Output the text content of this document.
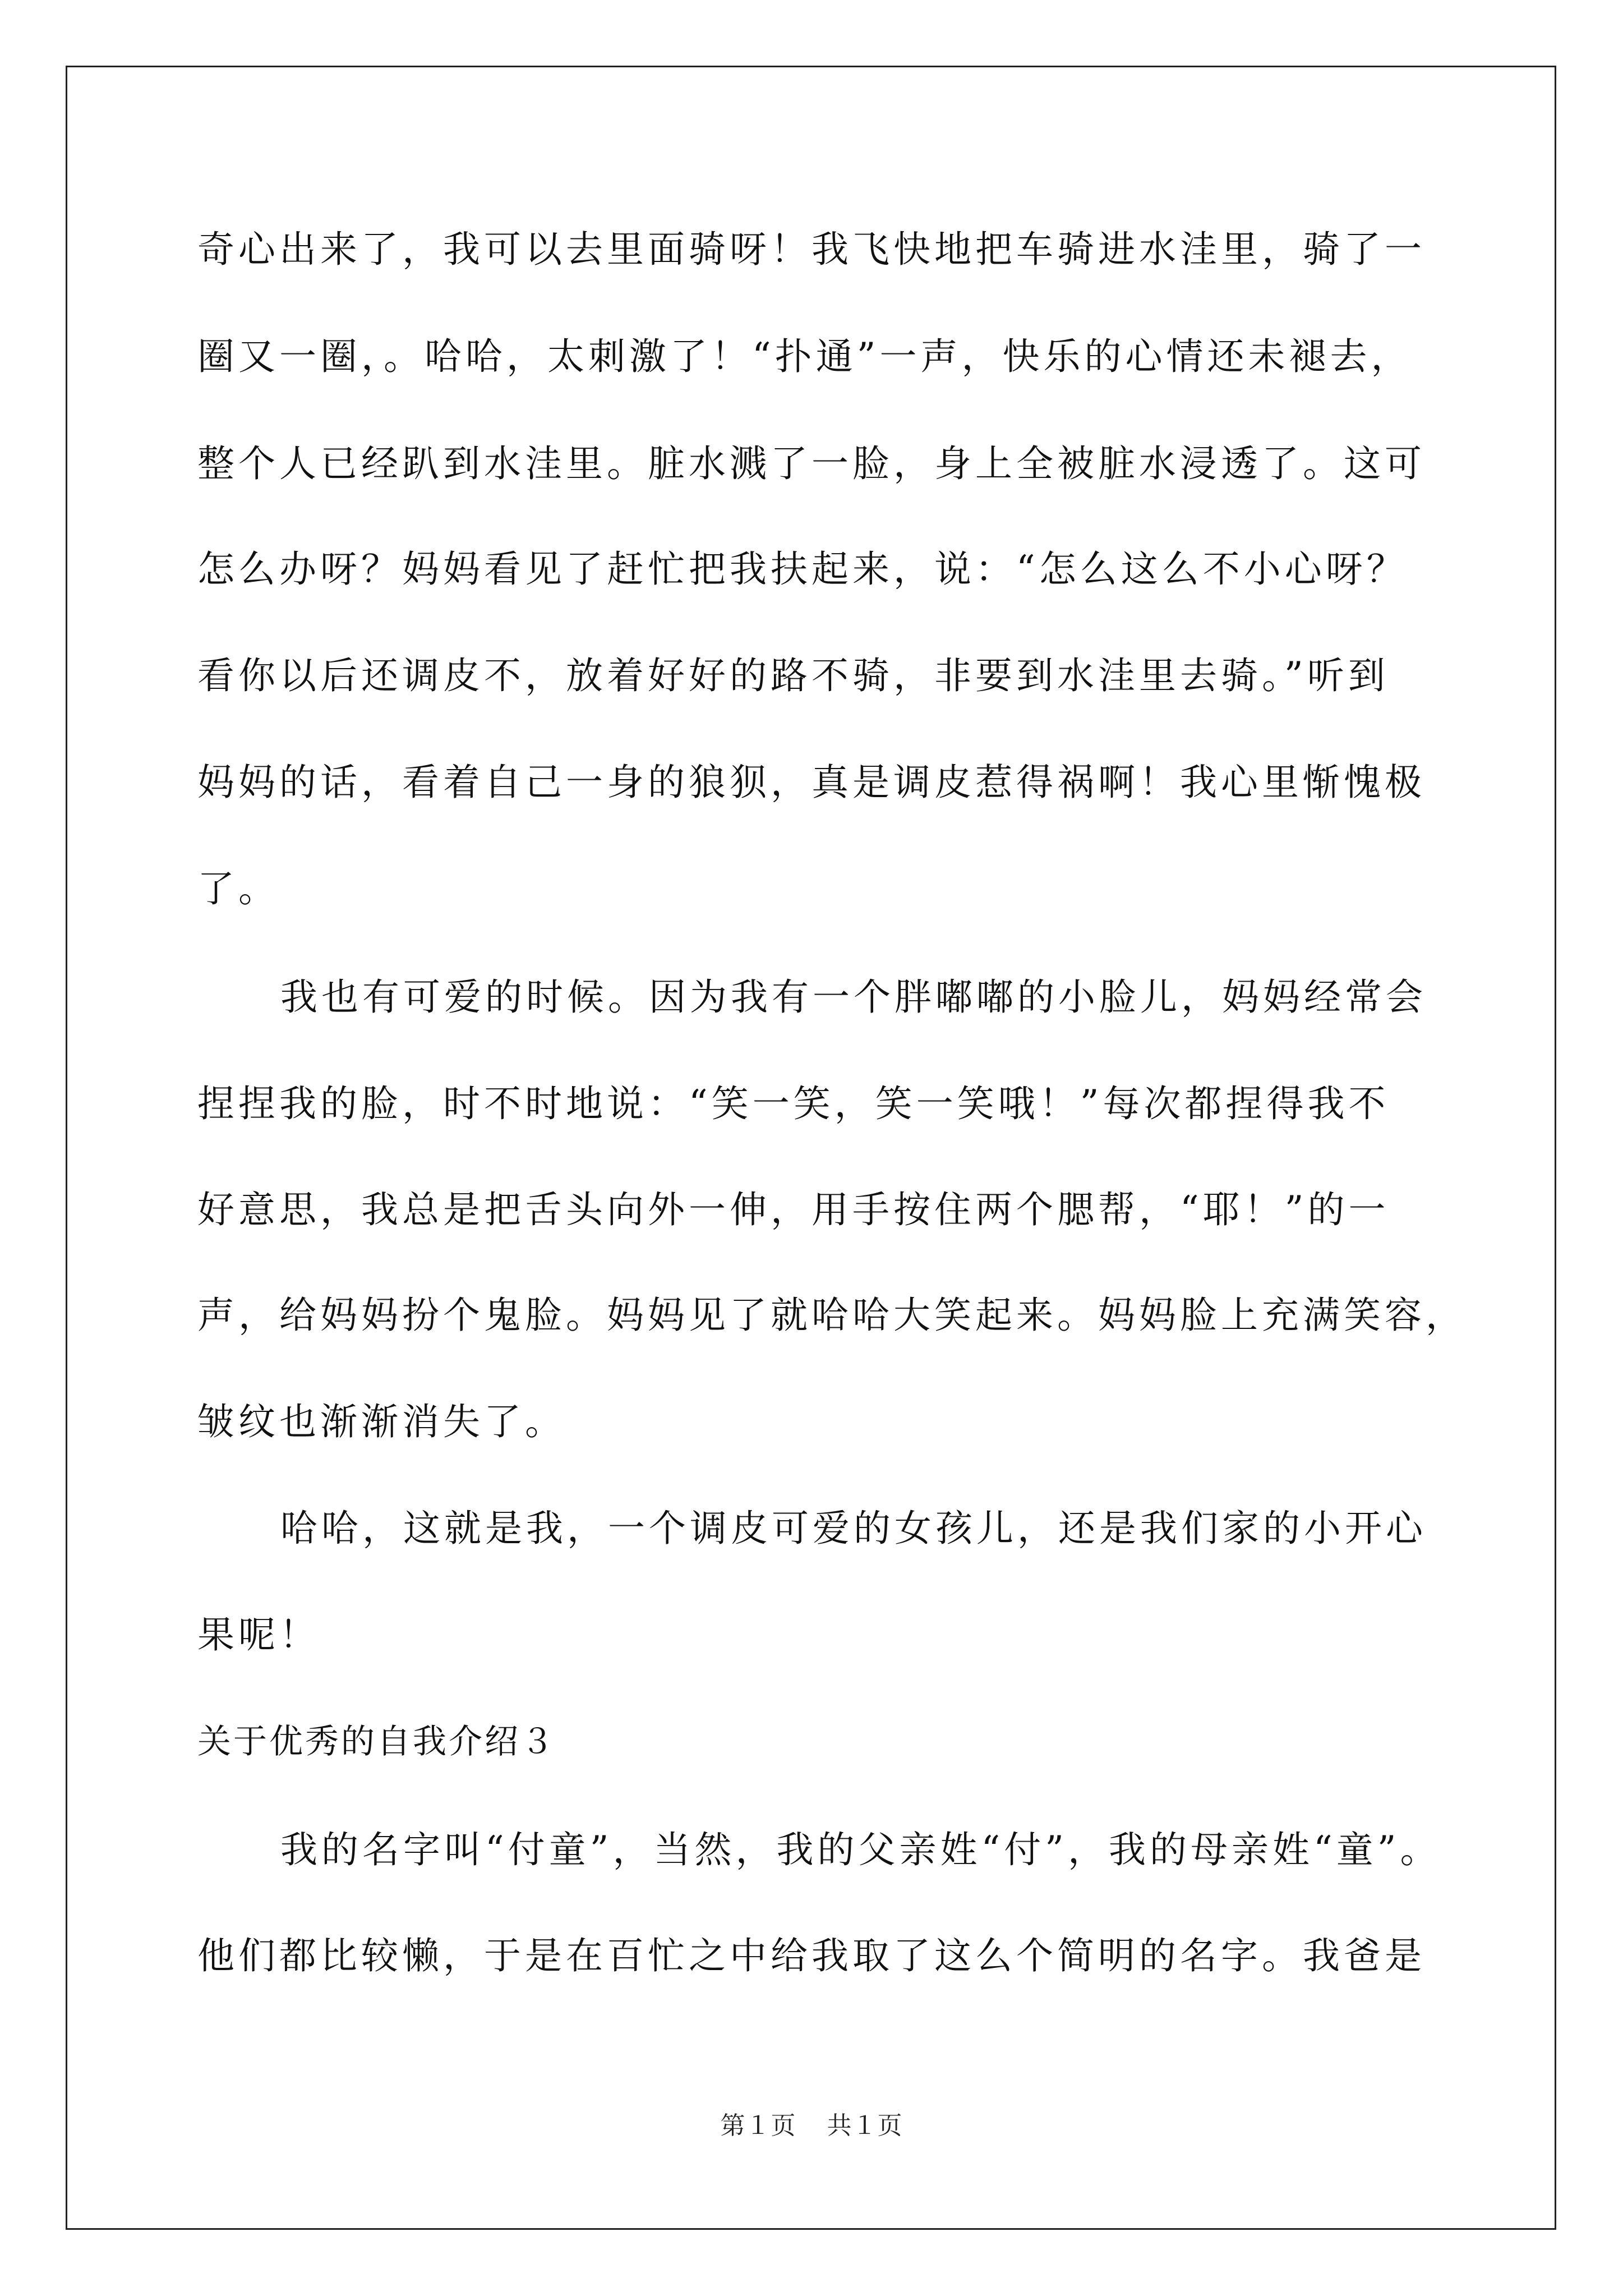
奇心出来了，我可以去里面骑呀！我飞快地把车骑进水洼里，骑了一
圈又一圈，。哈哈，太刺激了！“扑通”一声，快乐的心情还未褪去，
整个人已经趴到水洼里。脏水溅了一脸，身上全被脏水浸透了。这可
怎么办呀？妈妈看见了赶忙把我扶起来，说：“怎么这么不小心呀？
看你以后还调皮不，放着好好的路不骑，非要到水洼里去骑。”听到
妈妈的话，看着自己一身的狼狈，真是调皮惹得祸啊！我心里惭愧极
了。
我也有可爱的时候。因为我有一个胖嘟嘟的小脸儿，妈妈经常会
捏捏我的脸，时不时地说：“笑一笑，笑一笑哦！”每次都捏得我不
好意思，我总是把舌头向外一伸，用手按住两个腮帮，“耶！”的一
声，给妈妈扮个鬼脸。妈妈见了就哈哈大笑起来。妈妈脸上充满笑容，
皱纹也渐渐消失了。
哈哈，这就是我，一个调皮可爱的女孩儿，还是我们家的小开心
果呢！
关于优秀的自我介绍３
我的名字叫“付童”，当然，我的父亲姓“付”，我的母亲姓“童”。
他们都比较懒，于是在百忙之中给我取了这么个简明的名字。我爸是
第１页 共１页
